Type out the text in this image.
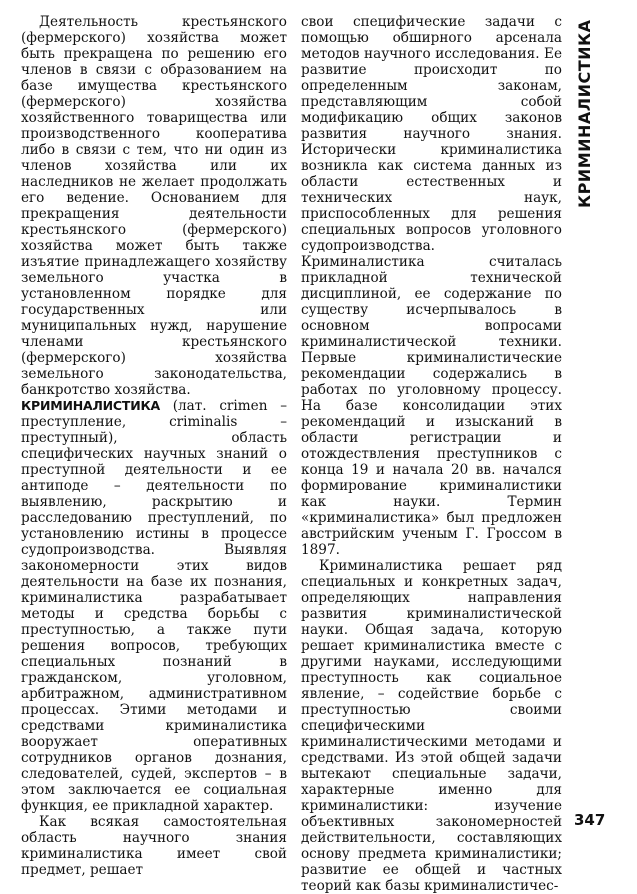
Деятельность крестьянского (фермерского) хозяйства может быть прекращена по решению его членов в связи с образованием на базе имущества крестьянского (фермерского) хозяйства хозяйственного товарищества или производственного кооператива либо в связи с тем, что ни один из членов хозяйства или их наследников не желает продолжать его ведение. Основанием для прекращения деятельности крестьянского (фермерского) хозяйства может быть также изъятие принадлежащего хозяйству земельного участка в установленном порядке для государственных или муниципальных нужд, нарушение членами крестьянского (фермерского) хозяйства земельного законодательства, банкротство хозяйства.

КРИМИНАЛИСТИКА (лат. crimen – преступление, criminalis – преступный), область специфических научных знаний о преступной деятельности и ее антиподе – деятельности по выявлению, раскрытию и расследованию преступлений, по установлению истины в процессе судопроизводства. Выявляя закономерности этих видов деятельности на базе их познания, криминалистика разрабатывает методы и средства борьбы с преступностью, а также пути решения вопросов, требующих специальных познаний в гражданском, уголовном, арбитражном, административном процессах. Этими методами и средствами криминалистика вооружает оперативных сотрудников органов дознания, следователей, судей, экспертов – в этом заключается ее социальная функция, ее прикладной характер.

Как всякая самостоятельная область научного знания криминалистика имеет свой предмет, решает

свои специфические задачи с помощью обширного арсенала методов научного исследования. Ее развитие происходит по определенным законам, представляющим собой модификацию общих законов развития научного знания. Исторически криминалистика возникла как система данных из области естественных и технических наук, приспособленных для решения специальных вопросов уголовного судопроизводства. Криминалистика считалась прикладной технической дисциплиной, ее содержание по существу исчерпывалось в основном вопросами криминалистической техники. Первые криминалистические рекомендации содержались в работах по уголовному процессу. На базе консолидации этих рекомендаций и изысканий в области регистрации и отождествления преступников с конца 19 и начала 20 вв. начался формирование криминалистики как науки. Термин «криминалистика» был предложен австрийским ученым Г. Гроссом в 1897.

Криминалистика решает ряд специальных и конкретных задач, определяющих направления развития криминалистической науки. Общая задача, которую решает криминалистика вместе с другими науками, исследующими преступность как социальное явление, – содействие борьбе с преступностью своими специфическими криминалистическими методами и средствами. Из этой общей задачи вытекают специальные задачи, характерные именно для криминалистики: изучение объективных закономерностей действительности, составляющих основу предмета криминалистики; развитие ее общей и частных теорий как базы криминалистичес-

КРИМИНАЛИСТИКА
347
